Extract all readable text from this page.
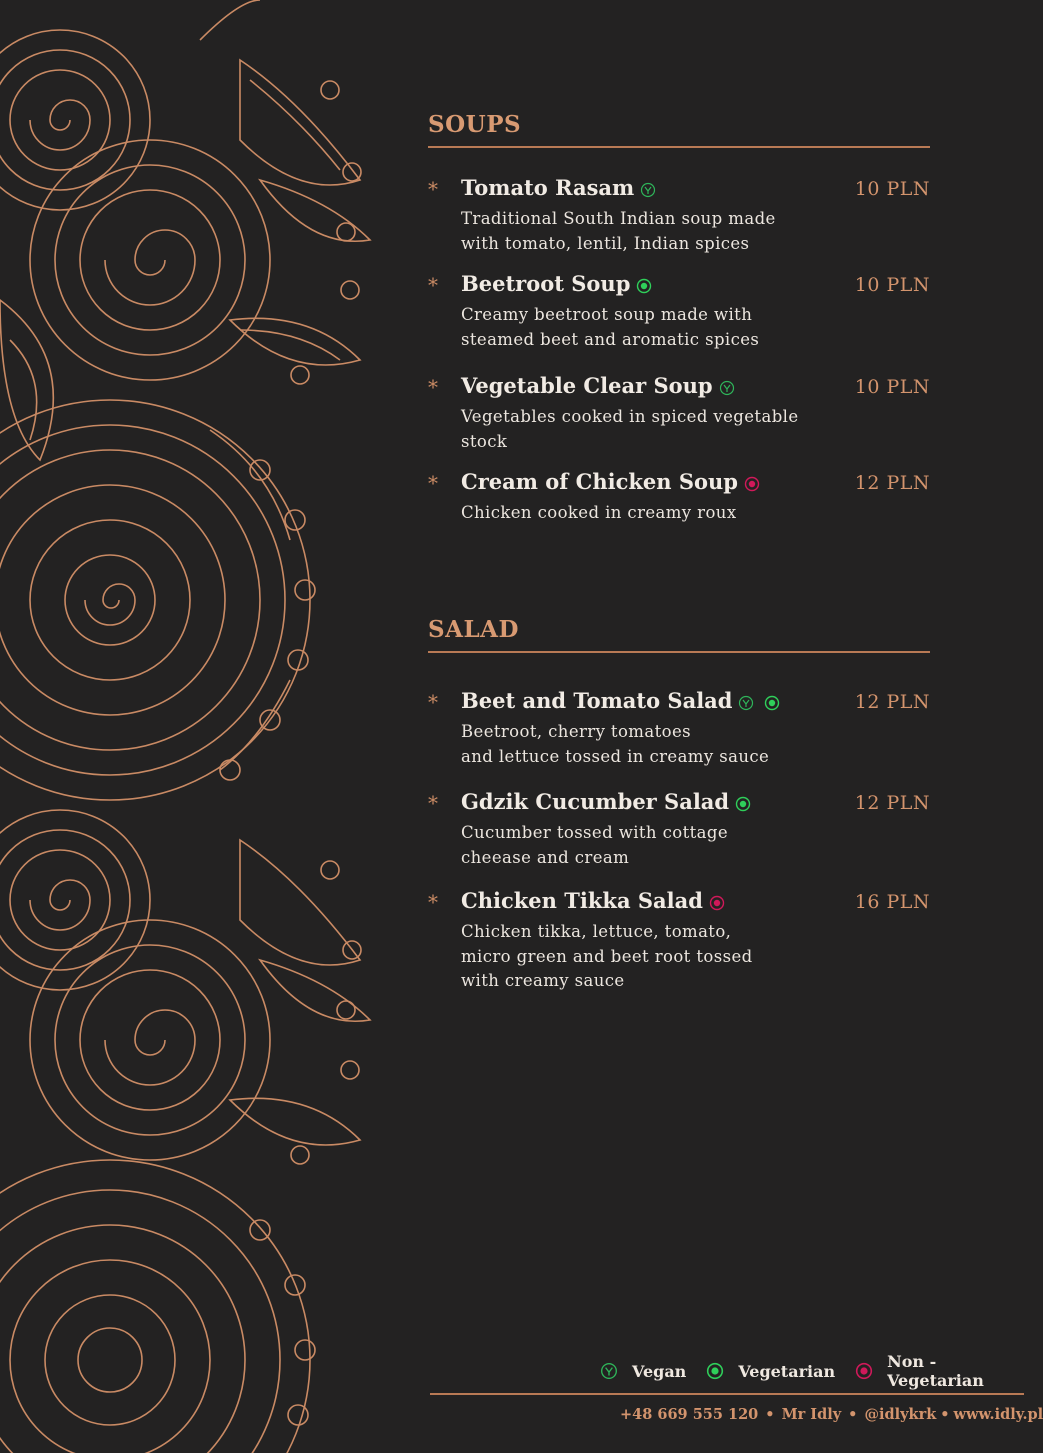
SOUPS
* Tomato Rasam	10 PLN
Traditional South Indian soup made
with tomato, lentil, Indian spices
* Beetroot Soup	10 PLN
Creamy beetroot soup made with
steamed beet and aromatic spices
* Vegetable Clear Soup	10 PLN
Vegetables cooked in spiced vegetable
stock
* Cream of Chicken Soup	12 PLN
Chicken cooked in creamy roux
SALAD
* Beet and Tomato Salad	12 PLN
Beetroot, cherry tomatoes
and lettuce tossed in creamy sauce
* Gdzik Cucumber Salad	12 PLN
Cucumber tossed with cottage
cheease and cream
* Chicken Tikka Salad	16 PLN
Chicken tikka, lettuce, tomato,
micro green and beet root tossed
with creamy sauce
Vegan	Vegetarian	Non - Vegetarian
+48 669 555 120 • Mr Idly • @idlykrk • www.idly.pl
